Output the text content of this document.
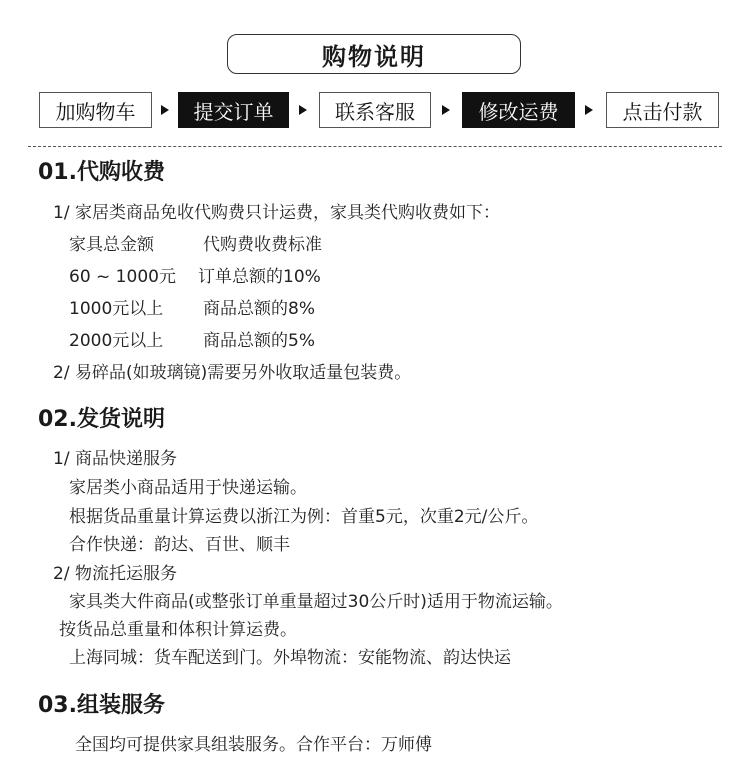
购物说明
加购物车	提交订单	联系客服	修改运费	点击付款
01.代购收费
1/ 家居类商品免收代购费只计运费，家具类代购收费如下：
家具总金额	代购费收费标准
60 ~ 1000元 订单总额的10%
1000元以上 商品总额的8%
2000元以上 商品总额的5%
2/ 易碎品(如玻璃镜)需要另外收取适量包装费。
02.发货说明
1/ 商品快递服务
家居类小商品适用于快递运输。
根据货品重量计算运费以浙江为例：首重5元，次重2元/公斤。
合作快递：韵达、百世、顺丰
2/ 物流托运服务
家具类大件商品(或整张订单重量超过30公斤时)适用于物流运输。
按货品总重量和体积计算运费。
上海同城：货车配送到门。外埠物流：安能物流、韵达快运
03.组装服务
全国均可提供家具组装服务。合作平台：万师傅
